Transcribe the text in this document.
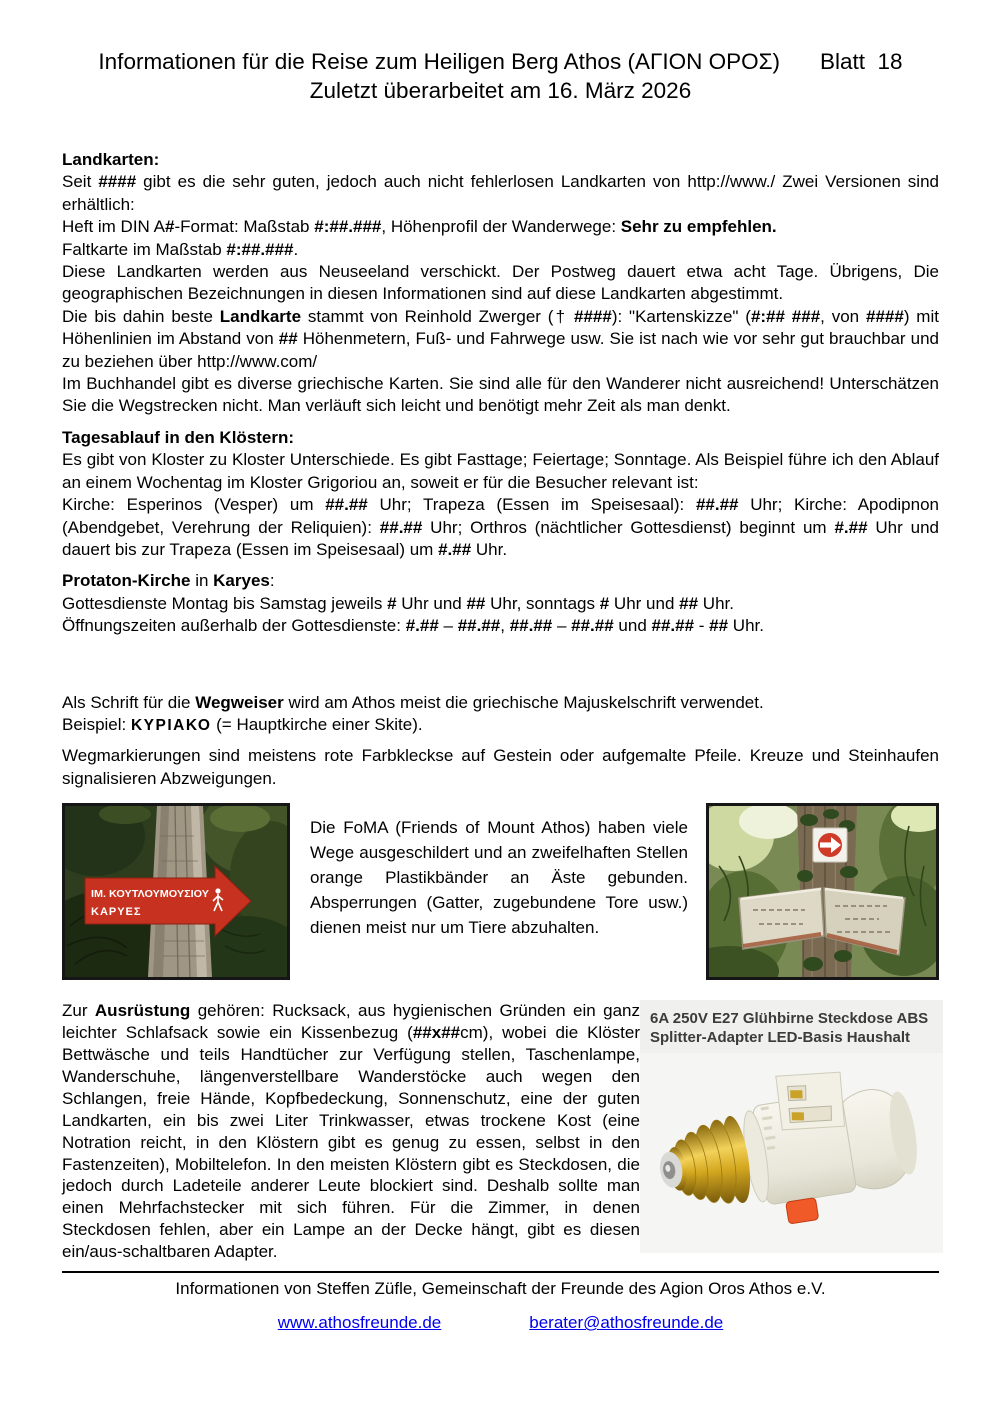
Informationen für die Reise zum Heiligen Berg Athos (ΑΓΙΟΝ ΟΡΟΣ) Blatt  18
Zuletzt überarbeitet am 16. März 2026
Landkarten:
Seit #### gibt es die sehr guten, jedoch auch nicht fehlerlosen Landkarten von http://www./ Zwei Versionen sind erhältlich:
Heft im DIN A#-Format: Maßstab #:##.###, Höhenprofil der Wanderwege: Sehr zu empfehlen.
Faltkarte im Maßstab #:##.###.
Diese Landkarten werden aus Neuseeland verschickt. Der Postweg dauert etwa acht Tage. Übrigens, Die geographischen Bezeichnungen in diesen Informationen sind auf diese Landkarten abgestimmt.
Die bis dahin beste Landkarte stammt von Reinhold Zwerger († ####): "Kartenskizze" (#:## ###, von ####) mit Höhenlinien im Abstand von ## Höhenmetern, Fuß- und Fahrwege usw. Sie ist nach wie vor sehr gut brauchbar und zu beziehen über http://www.com/
Im Buchhandel gibt es diverse griechische Karten. Sie sind alle für den Wanderer nicht ausreichend! Unterschätzen Sie die Wegstrecken nicht. Man verläuft sich leicht und benötigt mehr Zeit als man denkt.
Tagesablauf in den Klöstern:
Es gibt von Kloster zu Kloster Unterschiede. Es gibt Fasttage; Feiertage; Sonntage. Als Beispiel führe ich den Ablauf an einem Wochentag im Kloster Grigoriou an, soweit er für die Besucher relevant ist:
Kirche: Esperinos (Vesper) um ##.## Uhr; Trapeza (Essen im Speisesaal): ##.## Uhr; Kirche: Apodipnon (Abendgebet, Verehrung der Reliquien): ##.## Uhr; Orthros (nächtlicher Gottesdienst) beginnt um #.## Uhr und dauert bis zur Trapeza (Essen im Speisesaal) um #.## Uhr.
Protaton-Kirche in Karyes:
Gottesdienste Montag bis Samstag jeweils # Uhr und ## Uhr, sonntags # Uhr und ## Uhr.
Öffnungszeiten außerhalb der Gottesdienste: #.## – ##.##, ##.## – ##.## und ##.## - ## Uhr.
Als Schrift für die Wegweiser wird am Athos meist die griechische Majuskelschrift verwendet.
Beispiel: ΚΥΡΙΑΚΟ (= Hauptkirche einer Skite).
Wegmarkierungen sind meistens rote Farbkleckse auf Gestein oder aufgemalte Pfeile. Kreuze und Steinhaufen signalisieren Abzweigungen.
ΙΜ. ΚΟΥΤΛΟΥΜΟΥΣΙΟΥ
ΚΑΡΥΕΣ
Die FoMA (Friends of Mount Athos) haben viele Wege ausgeschildert und an zweifelhaften Stellen orange Plastikbänder an Äste gebunden. Absperrungen (Gatter, zugebundene Tore usw.) dienen meist nur um Tiere abzuhalten.
Zur Ausrüstung gehören: Rucksack, aus hygienischen Gründen ein ganz leichter Schlafsack sowie ein Kissenbezug (##x##cm), wobei die Klöster Bettwäsche und teils Handtücher zur Verfügung stellen, Taschenlampe, Wanderschuhe, längenverstellbare Wanderstöcke auch wegen den Schlangen, freie Hände, Kopfbedeckung, Sonnenschutz, eine der guten Landkarten, ein bis zwei Liter Trinkwasser, etwas trockene Kost (eine Notration reicht, in den Klöstern gibt es genug zu essen, selbst in den Fastenzeiten), Mobiltelefon. In den meisten Klöstern gibt es Steckdosen, die jedoch durch Ladeteile anderer Leute blockiert sind. Deshalb sollte man einen Mehrfachstecker mit sich führen. Für die Zimmer, in denen Steckdosen fehlen, aber ein Lampe an der Decke hängt, gibt es diesen ein/aus-schaltbaren Adapter.
6A 250V E27 Glühbirne Steckdose ABS Splitter-Adapter LED-Basis Haushalt
Informationen von Steffen Züfle, Gemeinschaft der Freunde des Agion Oros Athos e.V.
www.athosfreunde.de	berater@athosfreunde.de
